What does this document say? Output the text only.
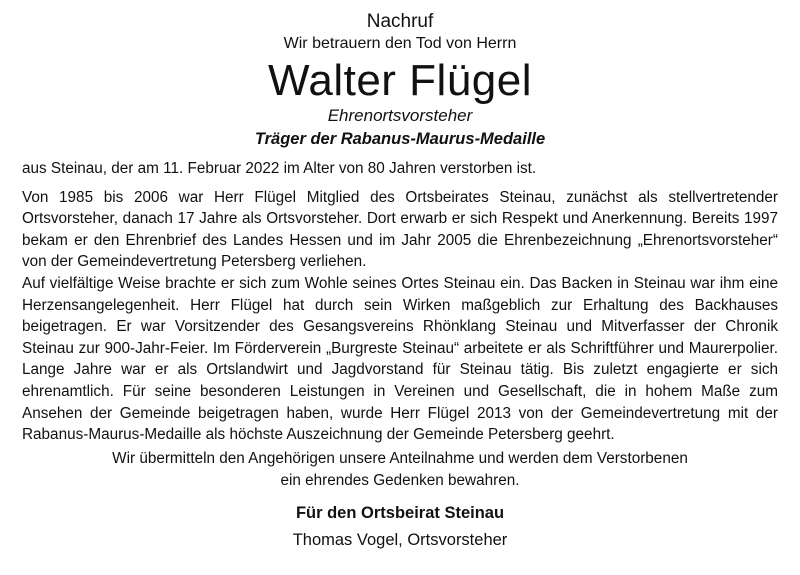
Nachruf
Wir betrauern den Tod von Herrn
Walter Flügel
Ehrenortsvorsteher
Träger der Rabanus-Maurus-Medaille
aus Steinau, der am 11. Februar 2022 im Alter von 80 Jahren verstorben ist.
Von 1985 bis 2006 war Herr Flügel Mitglied des Ortsbeirates Steinau, zunächst als stellvertretender Ortsvorsteher, danach 17 Jahre als Ortsvorsteher. Dort erwarb er sich Respekt und Anerkennung. Bereits 1997 bekam er den Ehrenbrief des Landes Hessen und im Jahr 2005 die Ehrenbezeichnung „Ehrenortsvorsteher“ von der Gemeindevertretung Petersberg verliehen.
Auf vielfältige Weise brachte er sich zum Wohle seines Ortes Steinau ein. Das Backen in Steinau war ihm eine Herzensangelegenheit. Herr Flügel hat durch sein Wirken maßgeblich zur Erhaltung des Backhauses beigetragen. Er war Vorsitzender des Gesangsvereins Rhönklang Steinau und Mitverfasser der Chronik Steinau zur 900-Jahr-Feier. Im Förderverein „Burgreste Steinau“ arbeitete er als Schriftführer und Maurerpolier. Lange Jahre war er als Ortslandwirt und Jagdvorstand für Steinau tätig. Bis zuletzt engagierte er sich ehrenamtlich. Für seine besonderen Leistungen in Vereinen und Gesellschaft, die in hohem Maße zum Ansehen der Gemeinde beigetragen haben, wurde Herr Flügel 2013 von der Gemeindevertretung mit der Rabanus-Maurus-Medaille als höchste Auszeichnung der Gemeinde Petersberg geehrt.
Wir übermitteln den Angehörigen unsere Anteilnahme und werden dem Verstorbenen
ein ehrendes Gedenken bewahren.
Für den Ortsbeirat Steinau
Thomas Vogel, Ortsvorsteher
